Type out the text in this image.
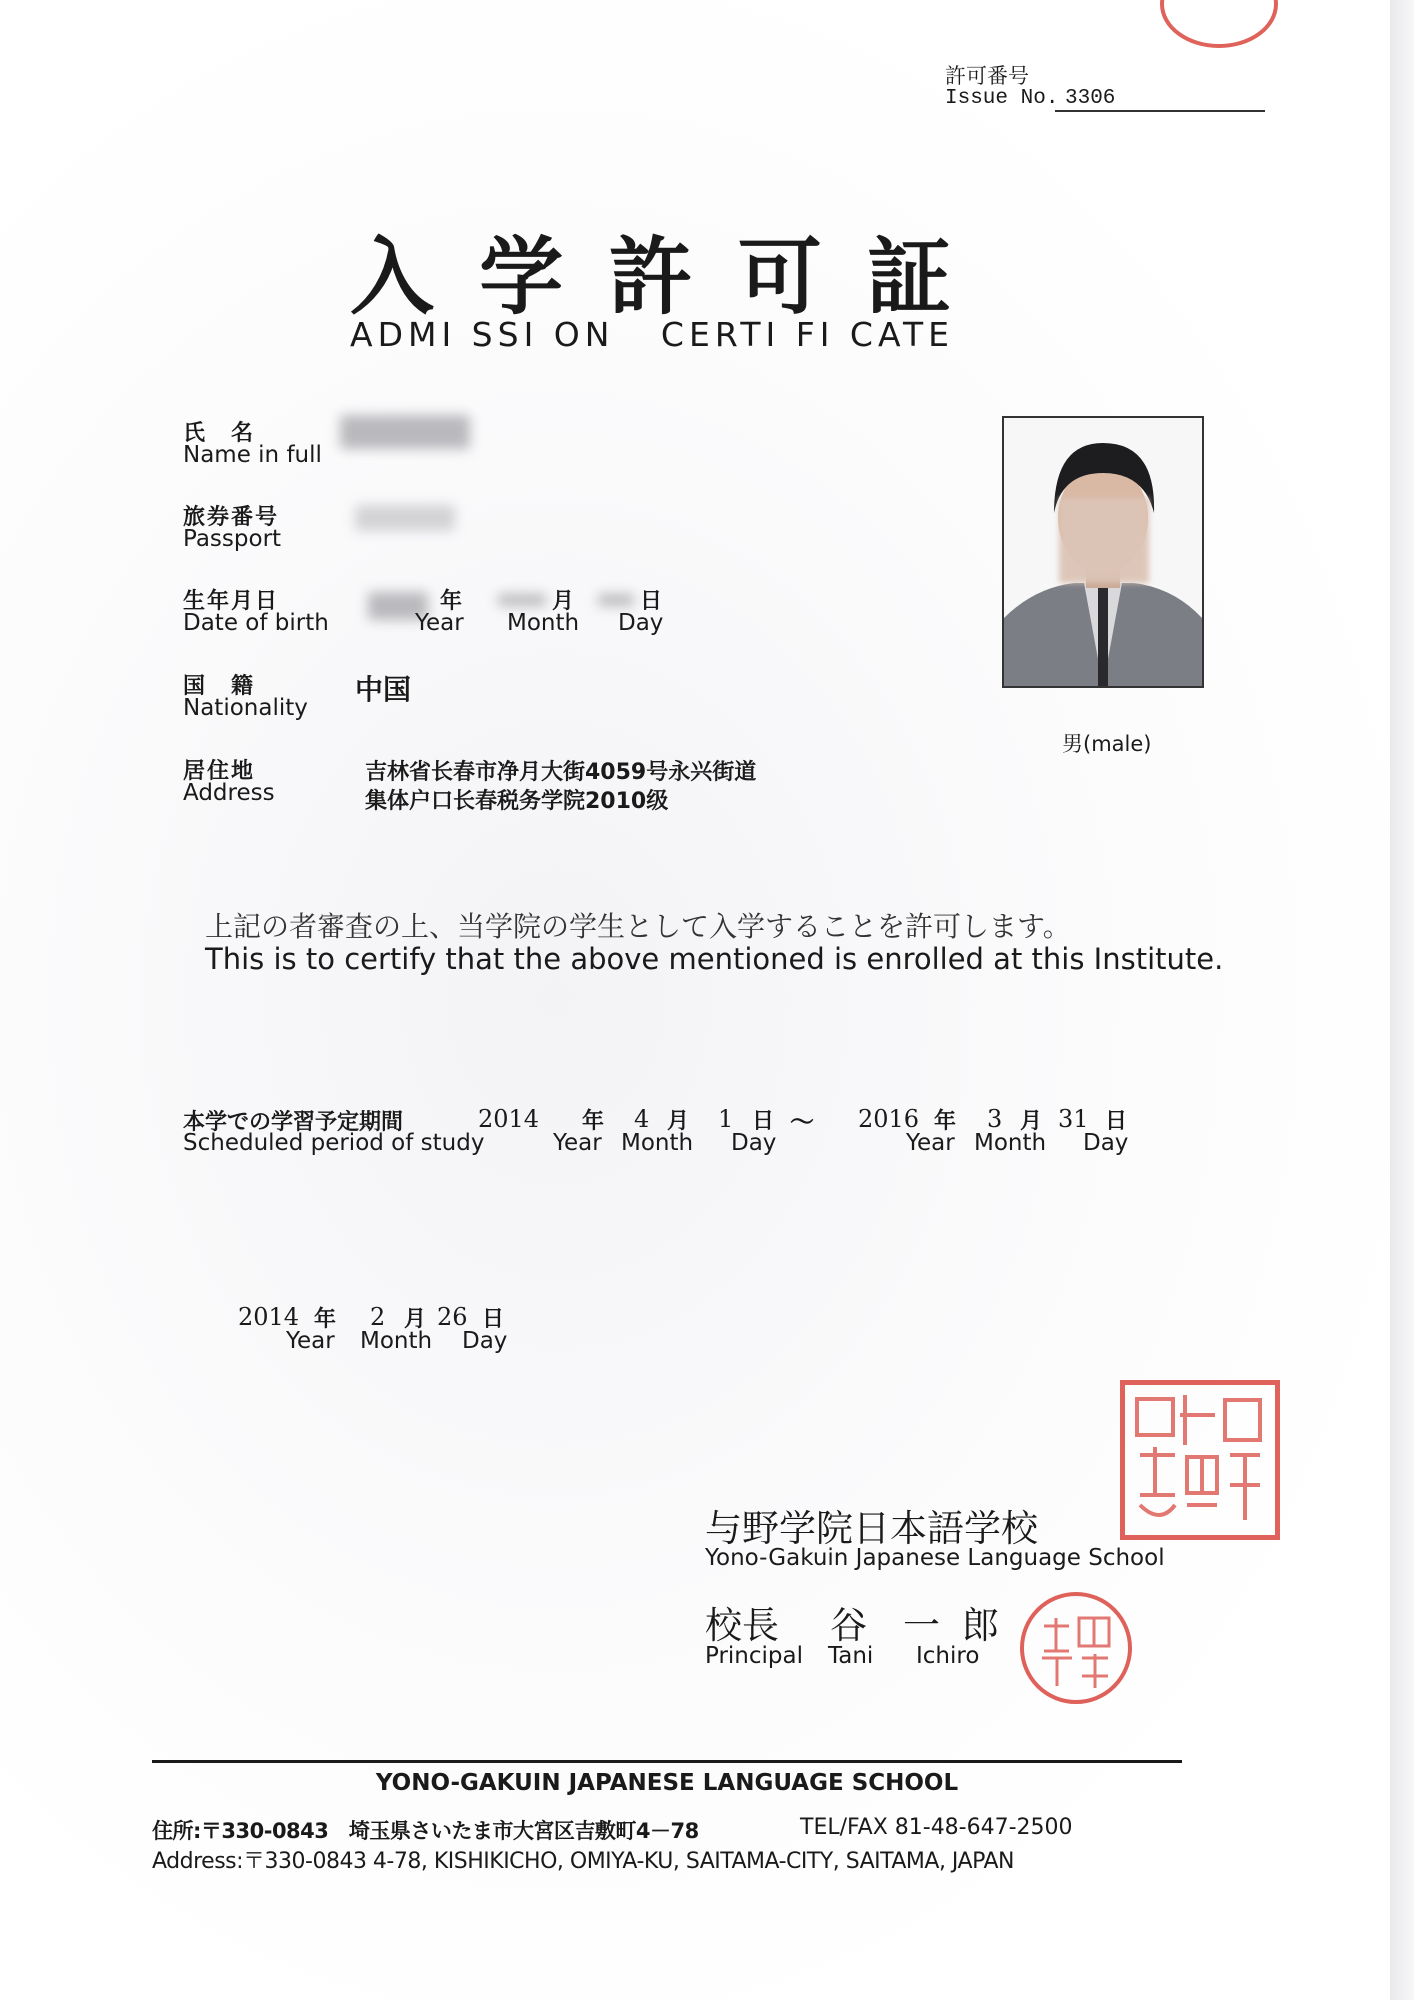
許可番号
Issue No. 3306
入 学 許 可 証
ADMI SSI ON   CERTI FI CATE
氏　名
Name in full
旅券番号
Passport
生年月日
Date of birth
年
Year
月
Month
日
Day
国　籍
Nationality
中国
居住地
Address
吉林省长春市净月大街4059号永兴街道
集体户口长春税务学院2010级
男(male)
上記の者審査の上、当学院の学生として入学することを許可します。
This is to certify that the above mentioned is enrolled at this Institute.
本学での学習予定期間
Scheduled period of study
2014 年
Year
4 月
Month
1 日
Day
～ 2016 年
Year
3 月
Month
31 日
Day
2014 年
Year
2 月
Month
26 日
Day
与野学院日本語学校
Yono-Gakuin Japanese Language School
校長 谷 一郎
Principal Tani Ichiro
YONO-GAKUIN JAPANESE LANGUAGE SCHOOL
住所:〒330-0843　埼玉県さいたま市大宮区吉敷町4－78	TEL/FAX 81-48-647-2500
Address:〒330-0843 4-78, KISHIKICHO, OMIYA-KU, SAITAMA-CITY, SAITAMA, JAPAN
